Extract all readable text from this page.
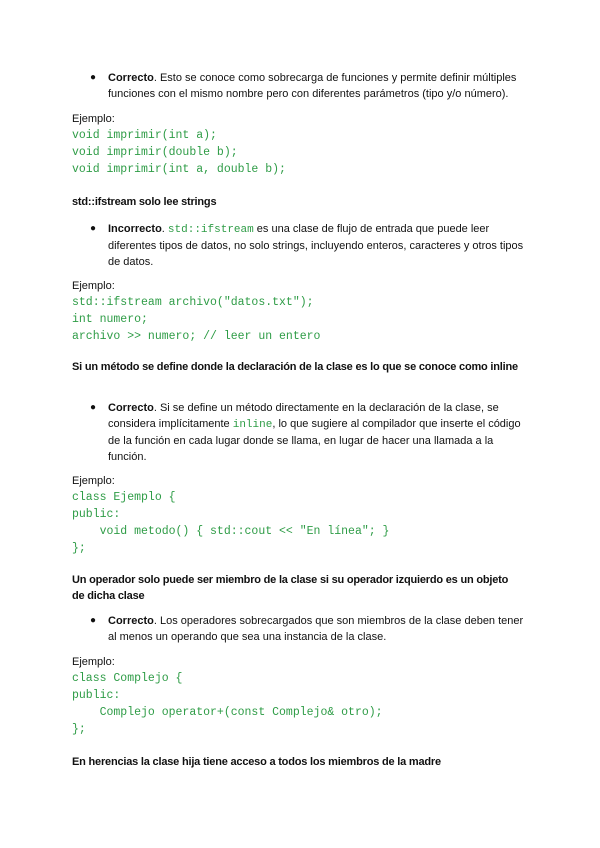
●	Correcto. Esto se conoce como sobrecarga de funciones y permite definir múltiples funciones con el mismo nombre pero con diferentes parámetros (tipo y/o número).
Ejemplo:
void imprimir(int a);
void imprimir(double b);
void imprimir(int a, double b);
std::ifstream solo lee strings
●	Incorrecto. std::ifstream es una clase de flujo de entrada que puede leer diferentes tipos de datos, no solo strings, incluyendo enteros, caracteres y otros tipos de datos.
Ejemplo:
std::ifstream archivo("datos.txt");
int numero;
archivo >> numero; // leer un entero
Si un método se define donde la declaración de la clase es lo que se conoce como inline
●	Correcto. Si se define un método directamente en la declaración de la clase, se considera implícitamente inline, lo que sugiere al compilador que inserte el código de la función en cada lugar donde se llama, en lugar de hacer una llamada a la función.
Ejemplo:
class Ejemplo {
public:
void metodo() { std::cout << "En línea"; }
};
Un operador solo puede ser miembro de la clase si su operador izquierdo es un objeto de dicha clase
●	Correcto. Los operadores sobrecargados que son miembros de la clase deben tener al menos un operando que sea una instancia de la clase.
Ejemplo:
class Complejo {
public:
Complejo operator+(const Complejo& otro);
};
En herencias la clase hija tiene acceso a todos los miembros de la madre
